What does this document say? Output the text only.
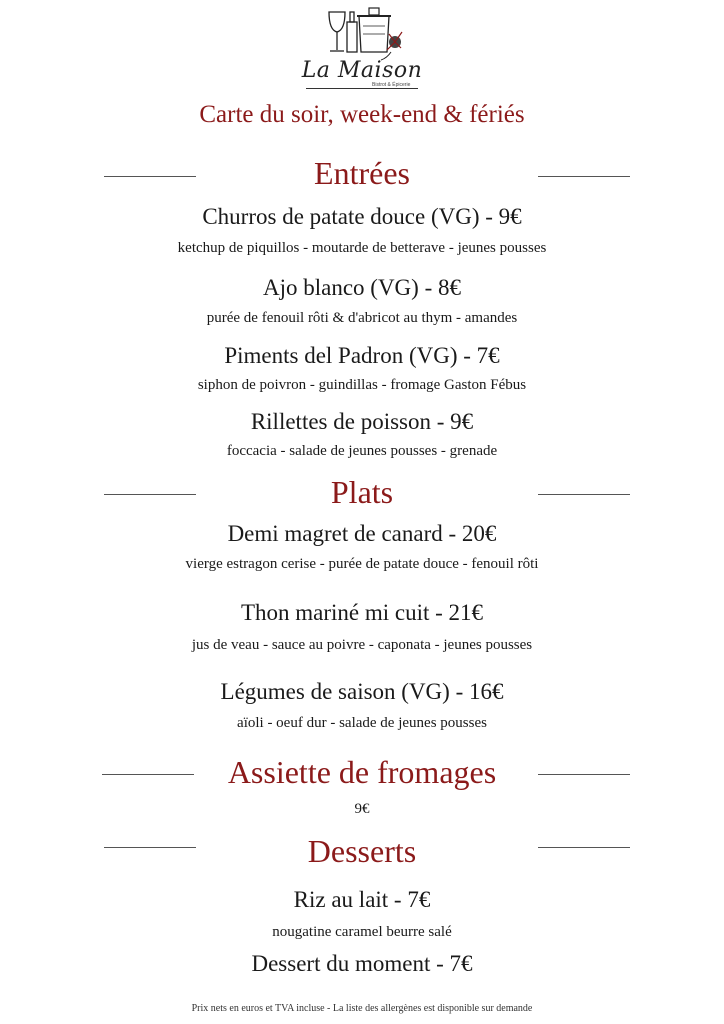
La Maison
Bistrot & Épicerie
Carte du soir, week-end & fériés
Entrées
Churros de patate douce (VG) - 9€
ketchup de piquillos - moutarde de betterave - jeunes pousses
Ajo blanco (VG) - 8€
purée de fenouil rôti & d'abricot au thym - amandes
Piments del Padron (VG) - 7€
siphon de poivron - guindillas - fromage Gaston Fébus
Rillettes de poisson - 9€
foccacia - salade de jeunes pousses - grenade
Plats
Demi magret de canard - 20€
vierge estragon cerise - purée de patate douce - fenouil rôti
Thon mariné mi cuit - 21€
jus de veau - sauce au poivre - caponata - jeunes pousses
Légumes de saison (VG) - 16€
aïoli - oeuf dur - salade de jeunes pousses
Assiette de fromages
9€
Desserts
Riz au lait - 7€
nougatine caramel beurre salé
Dessert du moment - 7€
Prix nets en euros et TVA incluse - La liste des allergènes est disponible sur demande
